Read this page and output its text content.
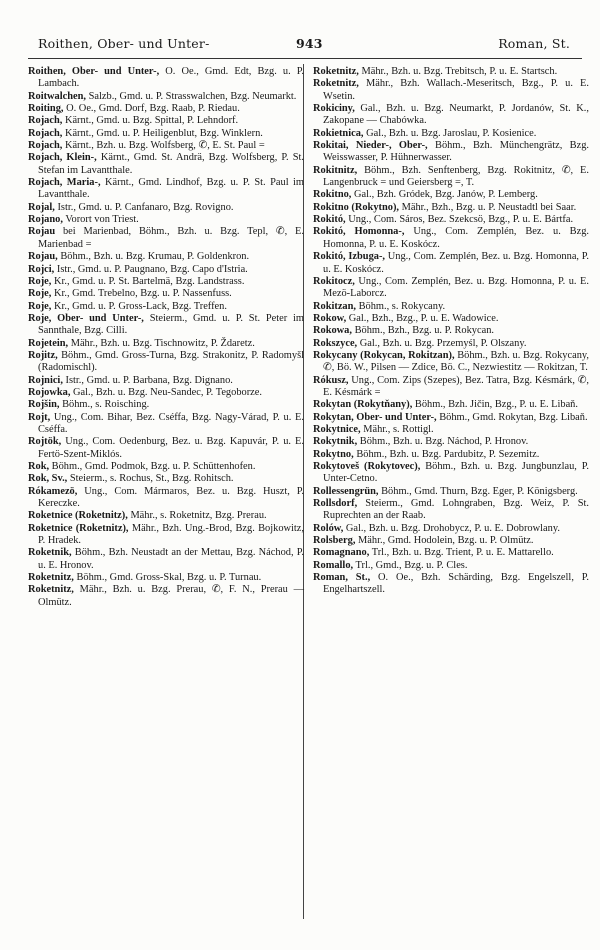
Roithen, Ober- und Unter-	943	Roman, St.

Roithen, Ober- und Unter-, O. Oe., Gmd. Edt, Bzg. u. P. Lambach.

Roitwalchen, Salzb., Gmd. u. P. Strasswalchen, Bzg. Neumarkt.

Roiting, O. Oe., Gmd. Dorf, Bzg. Raab, P. Riedau.

Rojach, Kärnt., Gmd. u. Bzg. Spittal, P. Lehndorf.

Rojach, Kärnt., Gmd. u. P. Heiligenblut, Bzg. Winklern.

Rojach, Kärnt., Bzh. u. Bzg. Wolfsberg, ✆, E. St. Paul =

Rojach, Klein-, Kärnt., Gmd. St. Andrä, Bzg. Wolfsberg, P. St. Stefan im Lavantthale.

Rojach, Maria-, Kärnt., Gmd. Lindhof, Bzg. u. P. St. Paul im Lavantthale.

Rojal, Istr., Gmd. u. P. Canfanaro, Bzg. Rovigno.

Rojano, Vorort von Triest.

Rojau bei Marienbad, Böhm., Bzh. u. Bzg. Tepl, ✆, E. Marienbad =

Rojau, Böhm., Bzh. u. Bzg. Krumau, P. Goldenkron.

Rojci, Istr., Gmd. u. P. Paugnano, Bzg. Capo d'Istria.

Roje, Kr., Gmd. u. P. St. Bartelmä, Bzg. Landstrass.

Roje, Kr., Gmd. Trebelno, Bzg. u. P. Nassenfuss.

Roje, Kr., Gmd. u. P. Gross-Lack, Bzg. Treffen.

Roje, Ober- und Unter-, Steierm., Gmd. u. P. St. Peter im Sannthale, Bzg. Cilli.

Rojetein, Mähr., Bzh. u. Bzg. Tischnowitz, P. Ždaretz.

Rojitz, Böhm., Gmd. Gross-Turna, Bzg. Strakonitz, P. Radomyšl (Radomischl).

Rojnici, Istr., Gmd. u. P. Barbana, Bzg. Dignano.

Rojowka, Gal., Bzh. u. Bzg. Neu-Sandec, P. Tegoborze.

Rojšin, Böhm., s. Roisching.

Rojt, Ung., Com. Bihar, Bez. Cséffa, Bzg. Nagy-Várad, P. u. E. Cséffa.

Rojtök, Ung., Com. Oedenburg, Bez. u. Bzg. Kapuvár, P. u. E. Fertö-Szent-Miklós.

Rok, Böhm., Gmd. Podmok, Bzg. u. P. Schüttenhofen.

Rok, Sv., Steierm., s. Rochus, St., Bzg. Rohitsch.

Rókamezö, Ung., Com. Mármaros, Bez. u. Bzg. Huszt, P. Kereczke.

Roketnice (Roketnitz), Mähr., s. Roketnitz, Bzg. Prerau.

Roketnice (Roketnitz), Mähr., Bzh. Ung.-Brod, Bzg. Bojkowitz, P. Hradek.

Roketnik, Böhm., Bzh. Neustadt an der Mettau, Bzg. Náchod, P. u. E. Hronov.

Roketnitz, Böhm., Gmd. Gross-Skal, Bzg. u. P. Turnau.

Roketnitz, Mähr., Bzh. u. Bzg. Prerau, ✆, F. N., Prerau — Olmütz.

Roketnitz, Mähr., Bzh. u. Bzg. Trebitsch, P. u. E. Startsch.

Roketnitz, Mähr., Bzh. Wallach.-Meseritsch, Bzg., P. u. E. Wsetin.

Rokiciny, Gal., Bzh. u. Bzg. Neumarkt, P. Jordanów, St. K., Zakopane — Chabówka.

Rokietnica, Gal., Bzh. u. Bzg. Jaroslau, P. Kosienice.

Rokitai, Nieder-, Ober-, Böhm., Bzh. Münchengrätz, Bzg. Weisswasser, P. Hühnerwasser.

Rokitnitz, Böhm., Bzh. Senftenberg, Bzg. Rokitnitz, ✆, E. Langenbruck = und Geiersberg =, T.

Rokitno, Gal., Bzh. Gródek, Bzg. Janów, P. Lemberg.

Rokitno (Rokytno), Mähr., Bzh., Bzg. u. P. Neustadtl bei Saar.

Rokitó, Ung., Com. Sáros, Bez. Szekcsö, Bzg., P. u. E. Bártfa.

Rokitó, Homonna-, Ung., Com. Zemplén, Bez. u. Bzg. Homonna, P. u. E. Koskócz.

Rokitó, Izbuga-, Ung., Com. Zemplén, Bez. u. Bzg. Homonna, P. u. E. Koskócz.

Rokitocz, Ung., Com. Zemplén, Bez. u. Bzg. Homonna, P. u. E. Mezö-Laborcz.

Rokitzan, Böhm., s. Rokycany.

Rokow, Gal., Bzh., Bzg., P. u. E. Wadowice.

Rokowa, Böhm., Bzh., Bzg. u. P. Rokycan.

Rokszyce, Gal., Bzh. u. Bzg. Przemyśl, P. Olszany.

Rokycany (Rokycan, Rokitzan), Böhm., Bzh. u. Bzg. Rokycany, ✆, Bö. W., Pilsen — Zdice, Bö. C., Nezwiestitz — Rokitzan, T.

Rókusz, Ung., Com. Zips (Szepes), Bez. Tatra, Bzg. Késmárk, ✆, E. Késmárk =

Rokytan (Rokytňany), Böhm., Bzh. Jičin, Bzg., P. u. E. Libaň.

Rokytan, Ober- und Unter-, Böhm., Gmd. Rokytan, Bzg. Libaň.

Rokytnice, Mähr., s. Rottigl.

Rokytnik, Böhm., Bzh. u. Bzg. Náchod, P. Hronov.

Rokytno, Böhm., Bzh. u. Bzg. Pardubitz, P. Sezemitz.

Rokytoveš (Rokytovec), Böhm., Bzh. u. Bzg. Jungbunzlau, P. Unter-Cetno.

Rollessengrün, Böhm., Gmd. Thurn, Bzg. Eger, P. Königsberg.

Rollsdorf, Steierm., Gmd. Lohngraben, Bzg. Weiz, P. St. Ruprechten an der Raab.

Rolów, Gal., Bzh. u. Bzg. Drohobycz, P. u. E. Dobrowlany.

Rolsberg, Mähr., Gmd. Hodolein, Bzg. u. P. Olmütz.

Romagnano, Trl., Bzh. u. Bzg. Trient, P. u. E. Mattarello.

Romallo, Trl., Gmd., Bzg. u. P. Cles.

Roman, St., O. Oe., Bzh. Schärding, Bzg. Engelszell, P. Engelhartszell.
